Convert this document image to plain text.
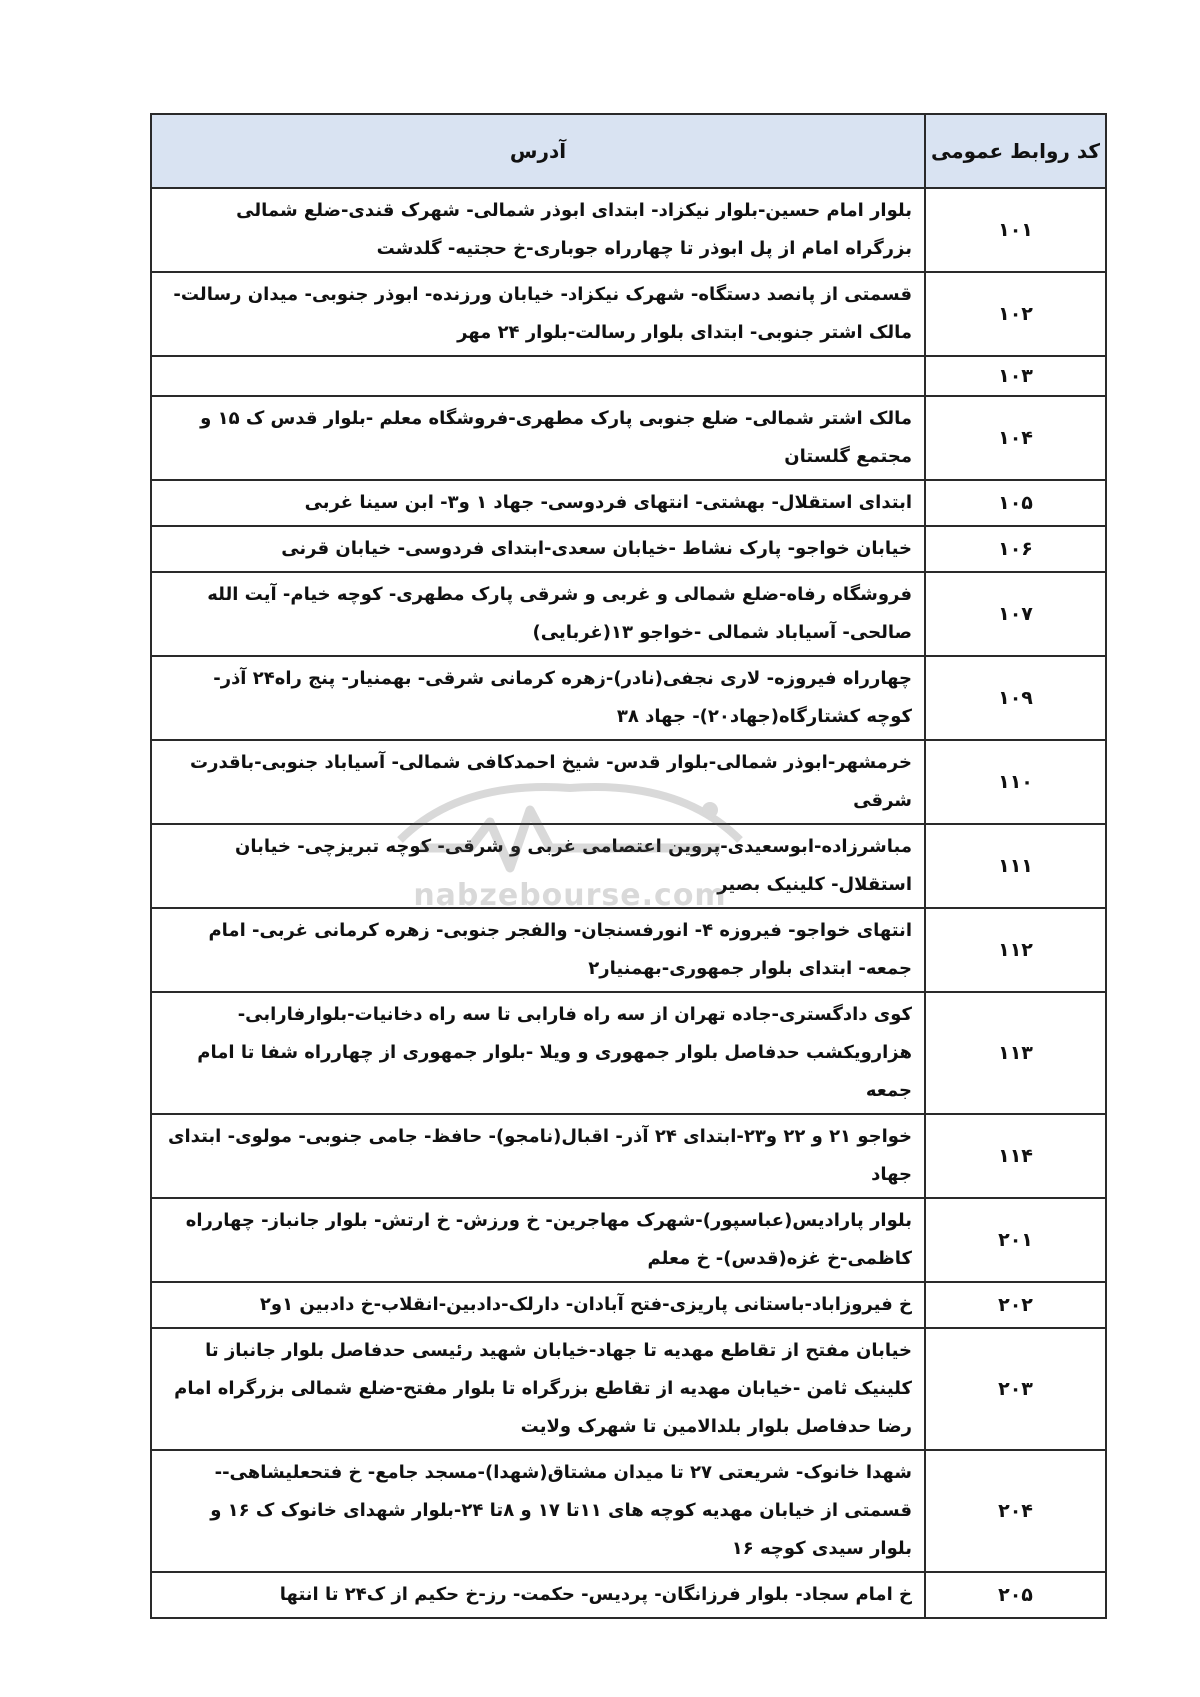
کد روابط عمومی	آدرس
۱۰۱	بلوار امام حسین-بلوار نیکزاد- ابتدای ابوذر شمالی- شهرک قندی-ضلع شمالی بزرگراه امام از پل ابوذر تا چهارراه جوباری-خ حجتیه- گلدشت
۱۰۲	قسمتی از پانصد دستگاه- شهرک نیکزاد- خیابان ورزنده- ابوذر جنوبی- میدان رسالت- مالک اشتر جنوبی- ابتدای بلوار رسالت-بلوار ۲۴ مهر
۱۰۳	
۱۰۴	مالک اشتر شمالی- ضلع جنوبی پارک مطهری-فروشگاه معلم -بلوار قدس ک ۱۵ و مجتمع گلستان
۱۰۵	ابتدای استقلال- بهشتی- انتهای فردوسی- جهاد ۱ و۳- ابن سینا غربی
۱۰۶	خیابان خواجو- پارک نشاط -خیابان سعدی-ابتدای فردوسی- خیابان قرنی
۱۰۷	فروشگاه رفاه-ضلع شمالی و غربی و شرقی پارک مطهری- کوچه خیام- آیت الله صالحی- آسیاباد شمالی -خواجو ۱۳(غربایی)
۱۰۹	چهارراه فیروزه- لاری نجفی(نادر)-زهره کرمانی شرقی- بهمنیار- پنج راه۲۴ آذر- کوچه کشتارگاه(جهاد۲۰)- جهاد ۳۸
۱۱۰	خرمشهر-ابوذر شمالی-بلوار قدس- شیخ احمدکافی شمالی- آسیاباد جنوبی-باقدرت شرقی
۱۱۱	مباشرزاده-ابوسعیدی-پروین اعتصامی غربی و شرقی- کوچه تبریزچی- خیابان استقلال- کلینیک بصیر
۱۱۲	انتهای خواجو- فیروزه ۴- انورفسنجان- والفجر جنوبی- زهره کرمانی غربی- امام جمعه- ابتدای بلوار جمهوری-بهمنیار۲
۱۱۳	کوی دادگستری-جاده تهران از سه راه فارابی تا سه راه دخانیات-بلوارفارابی-هزارویکشب حدفاصل بلوار جمهوری و ویلا -بلوار جمهوری از چهارراه شفا تا امام جمعه
۱۱۴	خواجو ۲۱ و ۲۲ و۲۳-ابتدای ۲۴ آذر- اقبال(نامجو)- حافظ- جامی جنوبی- مولوی- ابتدای جهاد
۲۰۱	بلوار پارادیس(عباسپور)-شهرک مهاجرین- خ ورزش- خ ارتش- بلوار جانباز- چهارراه کاظمی-خ غزه(قدس)- خ معلم
۲۰۲	خ فیروزاباد-باستانی پاریزی-فتح آبادان- دارلک-دادبین-انقلاب-خ دادبین ۱و۲
۲۰۳	خیابان مفتح از تقاطع مهدیه تا جهاد-خیابان شهید رئیسی حدفاصل بلوار جانباز تا کلینیک ثامن -خیابان مهدیه از تقاطع بزرگراه تا بلوار مفتح-ضلع شمالی بزرگراه امام رضا حدفاصل بلوار بلدالامین تا شهرک ولایت
۲۰۴	شهدا خانوک- شریعتی ۲۷ تا میدان مشتاق(شهدا)-مسجد جامع- خ فتحعلیشاهی-- قسمتی از خیابان مهدیه کوچه های ۱۱تا ۱۷ و ۸تا ۲۴-بلوار شهدای خانوک ک ۱۶ و بلوار سیدی کوچه ۱۶
۲۰۵	خ امام سجاد- بلوار فرزانگان- پردیس- حکمت- رز-خ حکیم از ک۲۴ تا انتها
nabzebourse.com
